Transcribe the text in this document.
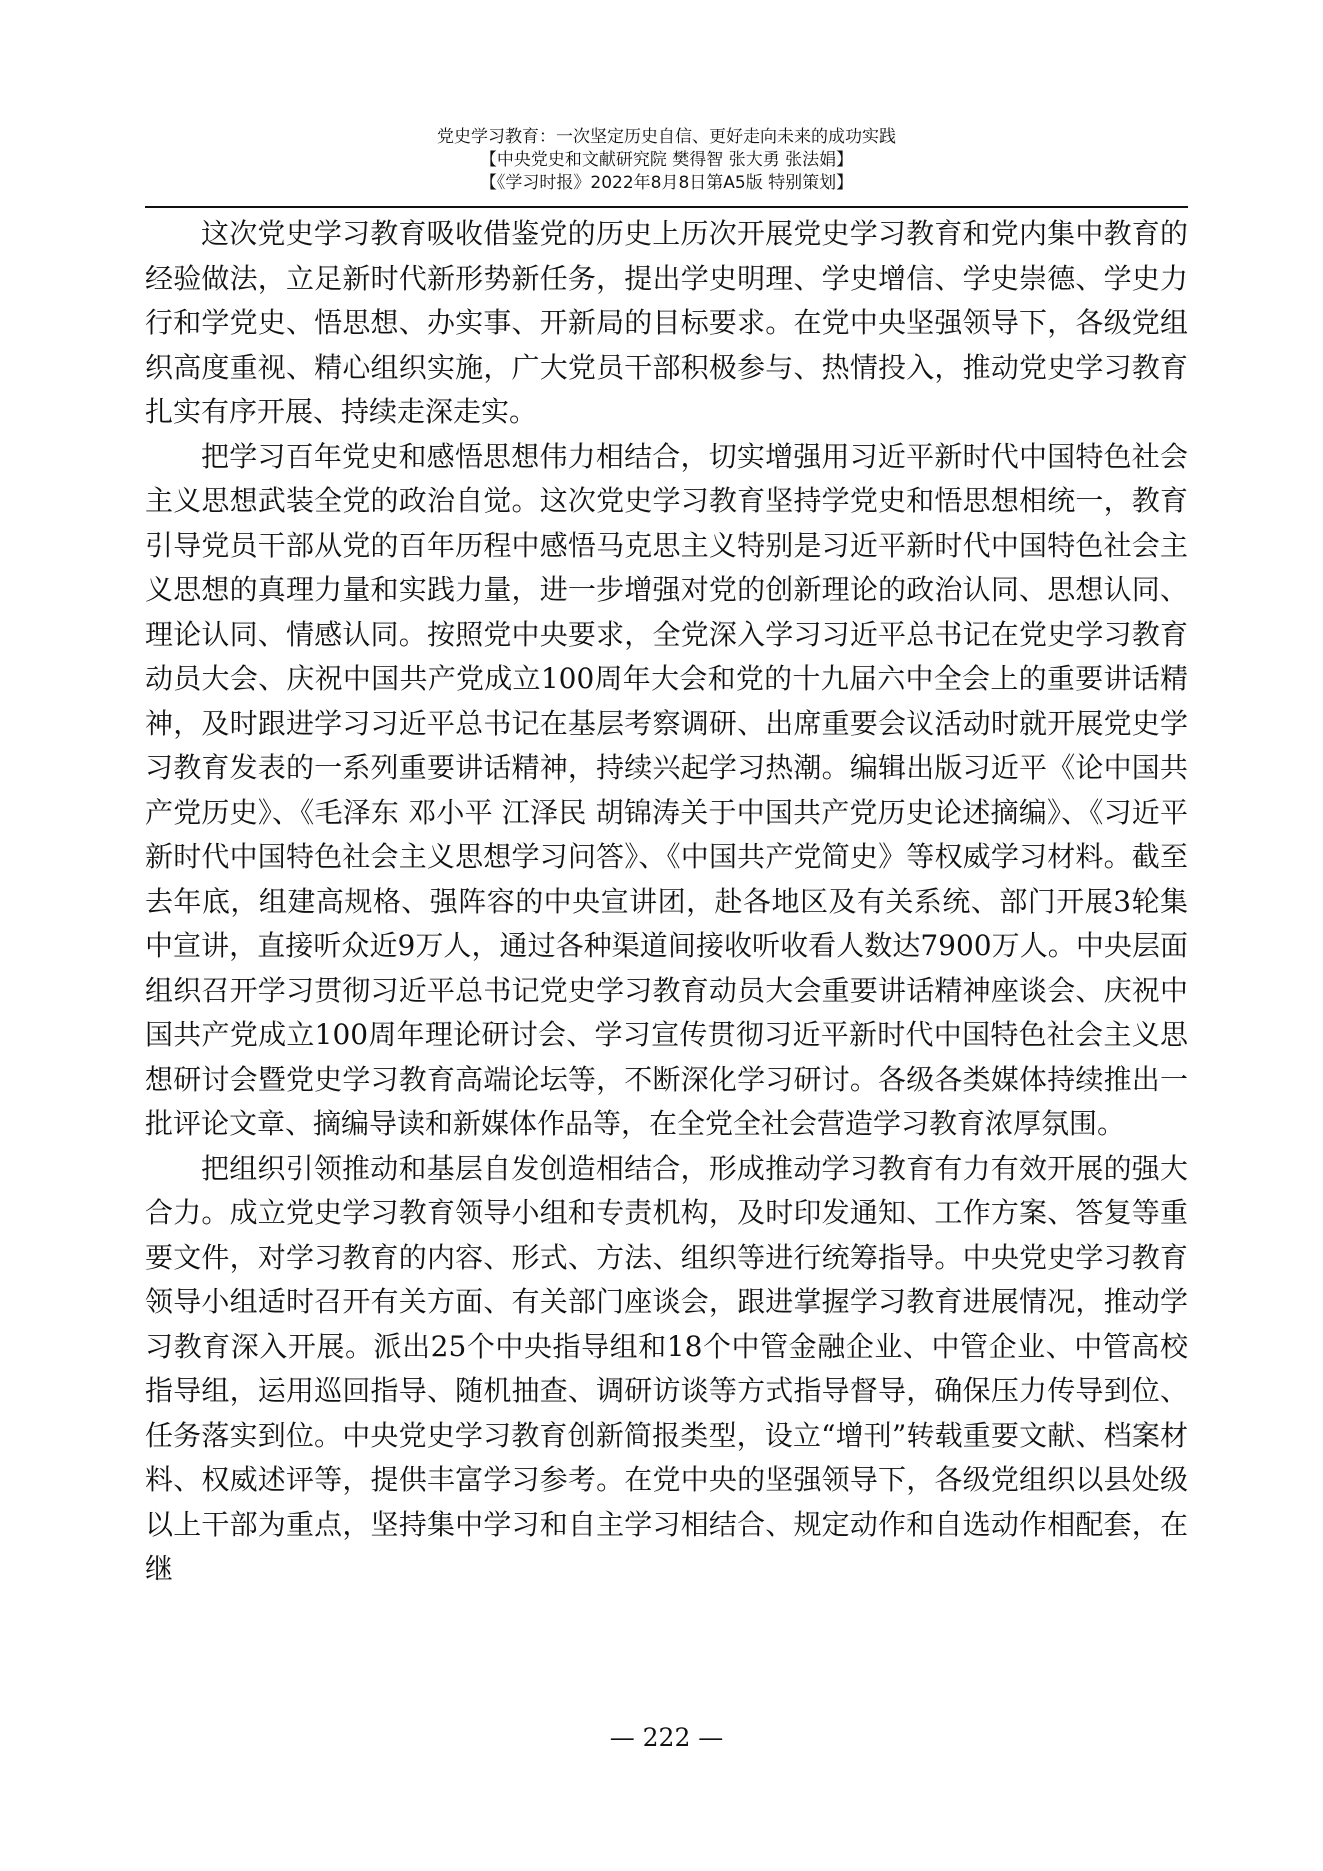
党史学习教育：一次坚定历史自信、更好走向未来的成功实践
【中央党史和文献研究院 樊得智 张大勇 张法娟】
【《学习时报》2022年8月8日第A5版 特别策划】

这次党史学习教育吸收借鉴党的历史上历次开展党史学习教育和党内集中教育的经验做法，立足新时代新形势新任务，提出学史明理、学史增信、学史崇德、学史力行和学党史、悟思想、办实事、开新局的目标要求。在党中央坚强领导下，各级党组织高度重视、精心组织实施，广大党员干部积极参与、热情投入，推动党史学习教育扎实有序开展、持续走深走实。

把学习百年党史和感悟思想伟力相结合，切实增强用习近平新时代中国特色社会主义思想武装全党的政治自觉。这次党史学习教育坚持学党史和悟思想相统一，教育引导党员干部从党的百年历程中感悟马克思主义特别是习近平新时代中国特色社会主义思想的真理力量和实践力量，进一步增强对党的创新理论的政治认同、思想认同、理论认同、情感认同。按照党中央要求，全党深入学习习近平总书记在党史学习教育动员大会、庆祝中国共产党成立100周年大会和党的十九届六中全会上的重要讲话精神，及时跟进学习习近平总书记在基层考察调研、出席重要会议活动时就开展党史学习教育发表的一系列重要讲话精神，持续兴起学习热潮。编辑出版习近平《论中国共产党历史》、《毛泽东 邓小平 江泽民 胡锦涛关于中国共产党历史论述摘编》、《习近平新时代中国特色社会主义思想学习问答》、《中国共产党简史》等权威学习材料。截至去年底，组建高规格、强阵容的中央宣讲团，赴各地区及有关系统、部门开展3轮集中宣讲，直接听众近9万人，通过各种渠道间接收听收看人数达7900万人。中央层面组织召开学习贯彻习近平总书记党史学习教育动员大会重要讲话精神座谈会、庆祝中国共产党成立100周年理论研讨会、学习宣传贯彻习近平新时代中国特色社会主义思想研讨会暨党史学习教育高端论坛等，不断深化学习研讨。各级各类媒体持续推出一批评论文章、摘编导读和新媒体作品等，在全党全社会营造学习教育浓厚氛围。

把组织引领推动和基层自发创造相结合，形成推动学习教育有力有效开展的强大合力。成立党史学习教育领导小组和专责机构，及时印发通知、工作方案、答复等重要文件，对学习教育的内容、形式、方法、组织等进行统筹指导。中央党史学习教育领导小组适时召开有关方面、有关部门座谈会，跟进掌握学习教育进展情况，推动学习教育深入开展。派出25个中央指导组和18个中管金融企业、中管企业、中管高校指导组，运用巡回指导、随机抽查、调研访谈等方式指导督导，确保压力传导到位、任务落实到位。中央党史学习教育创新简报类型，设立“增刊”转载重要文献、档案材料、权威述评等，提供丰富学习参考。在党中央的坚强领导下，各级党组织以县处级以上干部为重点，坚持集中学习和自主学习相结合、规定动作和自选动作相配套，在继

— 222 —
